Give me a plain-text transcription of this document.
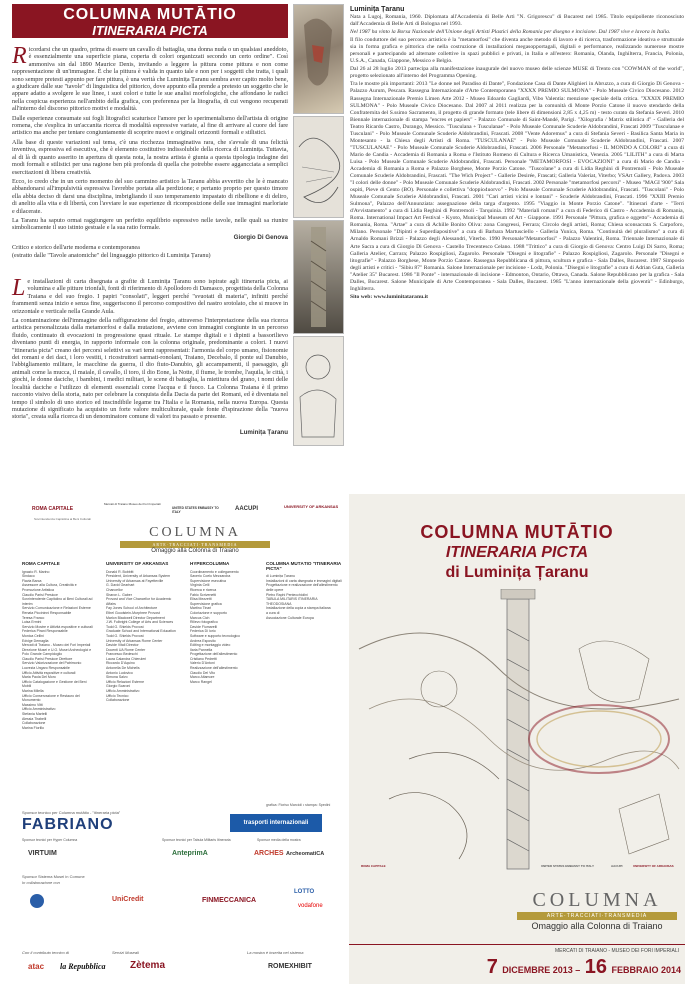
COLUMNA MUTĀTIO
ITINERARIA PICTA
R icordarsi che un quadro, prima di essere un cavallo di battaglia, una donna nuda o un qualsiasi aneddoto, è essenzialmente una superficie piana, coperta di colori organizzati secondo un certo ordine". Così ammoniva sin dal 1890 Maurice Denis, invitando a leggere la pittura come pittura e non come rappresentazione di un'immagine. È che la pittura è valida in quanto tale e non per i soggetti che tratta, i quali sono sempre pretesti appunto per fare pittura, è una verità che Luminița Țaranu sembra aver capito molto bene, a giudicare dalle sue "tavole" di linguistica del pittorico, dove appunto ella prende a pretesto un soggetto che le appare adatto a svolgere le sue linee, i suoi colori e tutte le sue analisi morfologiche, che affondano le radici nella cospicua esperienza nell'ambito della grafica, con preferenza per la litografia, di cui vengono recuperati all'interno del discorso pittorico motivi e modalità.

Dalle esperienze consumate sui fogli litografici scaturisce l'amore per lo sperimentalismo dell'artista di origine romena, che s'esplica in un'accanita ricerca di modalità espressive variate, al fine di arrivare al cuore del fare artistico ma anche per tentare congiuntamente di scoprire nuovi e originali orizzonti formali e stilistici.

Alla base di queste variazioni sul tema, c'è una ricchezza immaginativa rara, che s'avvale di una felicità inventiva, espressiva ed esecutiva, che è elemento costitutivo indissolubile della ricerca di Luminița. Tuttavia, al di là di quanto asserito in apertura di questa nota, la nostra artista è giunta a questa tipologia indagine dei modi formali e stilistici per una ragione ben più profonda di quella che potrebbe essere aggancciata a semplici esercitazioni di libera creatività.

Ecco, io credo che in un certo momento del suo cammino artistico la Taranu abbia avvertito che le è mancato abbandonarsi all'impulsività espressiva l'avrebbe portata alla perdizione; e pertanto proprio per questo timore ella abbia deciso di darsi una disciplina, imbrigliando il suo temperamento impastato di ribellione e di deliro, di anelito alla vita e di libertà, con l'avviare le sue esperienze di ricomposizione delle sue immagini marloriate e dilacerate.

La Taranu ha saputo ormai raggiungere un perfetto equilibrio espressivo nelle tavole, nelle quali sa riunire simbolicamente il suo istinto gestuale e la sua ratio formale.

Giorgio Di Genova

Critico e storico dell'arte moderna e contemporanea
(estratto dalle "Tavole anatomiche" del linguaggio pittorico di Luminița Țaranu)

L e installazioni di carta disegnata a grafite di Luminița Țaranu sono ispirate agli itineraria picta, ai volumina e alle pitture trionfali, fonti di riferimento di Apollodoro di Damasco, progettista della Colonna Traiana e del suo fregio. I papiri "consolati", leggeri perché "svuotati di materia", infiniti perché frammenti senza inizio e senza fine, suggeriscono il percorso compositivo del nastro srotolato, che si muove in orizzontale e verticale nella Grande Aula.

La contaminazione dell'immagine della raffigurazione del fregio, attraverso l'interpretazione della sua ricerca artistica personalizzata dalla metamorfosi e dalla mutazione, avviene con immagini congiunte in un percorso fluido, continuato di evocazioni in progressione quasi rituale. Le stampe digitali e i dipinti a bassorilievo diventano punti di energia, in rapporto informale con la colonna originale, predominante a colori. I nuovi "itineraria picta" creano dei percorsi selettivi su vari temi rappresentati: l'armonia del corpo umano, fisionomie dei romani e dei daci, i loro vestiti, i ricostruttori sarmati-ronolani, Traiano, Decebalo, il ponte sul Danubio, l'abbigliamento militare, le macchine da guerra, il dio fiuto-Danubio, gli accampamenti, il paesaggio, gli animali come la mucca, il maiale, il cavallo, il toro, il dio Eone, la Notte, il fiume, le trombe, l'aquila, le città, i giochi, le donne daciche, i bambini, i medici militari, le scene di battaglia, la mietitura del grano, i nomi delle località daciche e l'utilizzo di elementi essenziali come l'acqua e il fuoco. La Colonna Traiana è il primo racconto visivo della storia, nato per celebrare la conquista della Dacia da parte dei Romani, ed è diventata nel tempo il simbolo di uno storico ed inscindibile legame tra l'Italia e la Romania, nella nuova Europa. Questa mutazione di significato ha acquisito un forte valore multiculturale, quale fonte d'ispirazione della "nuova storia", creata sulla ricerca di un denominatore comune di valori tra passato e presente.

Luminița Țaranu
Luminița Țaranu

Nata a Lugoj, Romania, 1960. Diplomata all'Accademia di Belle Arti "N. Grigorescu" di Bucarest nel 1985. Titolo equipollente riconosciuto dall'Accademia di Belle Arti di Bologna nel 1993.

Nel 1987 ha vinto la Borsa Nazionale dell'Unione degli Artisti Plastici della Romania per disegno e incisione. Dal 1987 vive e lavora in Italia.

Il filo conduttore del suo percorso artistico è la "metamorfosi" che diventa anche metodo di lavoro e di ricerca, trasformazione ideativa e strutturale sia in forma grafica e pittorica che nella costruzione di installazioni megasopportagali, digitali e performance, realizzando numerose mostre personali e partecipando ad alternate collettive in spazi pubblici e privati, in Italia e all'estero: Romania, Olanda, Inghilterra, Francia, Polonia, U.S.A., Canada, Giappone, Messico e Belgio.

Dal 26 al 28 luglio 2013 partecipa alla manifestazione inaugurale del nuovo museo delle scienze MUSE di Trento con "COWMAN of the world", progetto selezionato all'interno del Programma Opening.

Tra le mostre più importanti: 2013 "Le donne nel Paradiso di Dante", Fondazione Casa di Dante Alighieri in Abruzzo, a cura di Giorgio Di Genova - Palazzo Aurum, Pescara. Rassegna Internazionale d'Arte Contemporanea "XXXX PREMIO SULMONA" - Polo Museale Civico Diocesano. 2012 Rassegna Internazionale Premio Limen Arte 2012 - Museo Edoardo Gagliardi, Vibo Valentia: menzione speciale della critica. "XXXIX PREMIO SULMONA" - Polo Museale Civico Diocesano. Dal 2007 al 2011 realizza per la comunità di Monte Porzio Catone il nuovo stendardo della Confraternita del S.ssimo Sacramento, il progetto di grande formato (tele libere di dimensioni 2,85 x 4,25 m) - testo curato da Stefania Severi. 2010 Biennale internazionale di stampa "encres et papiers" - Palazzo Comunale di Saint-Mandé, Parigi. "Xilografia / Matrix stilistica 4" - Galleria del Teatro Ricardo Castro, Durango, Messico. "Tusculana + Tusculanae" - Polo Museale Comunale Scuderie Aldobrandini, Frascati 2009 "Tusculanae e Tusculani" - Polo Museale Comunale Scuderie Aldobrandini, Frascati. 2008 "Vente Adoremus" a cura di Stefania Severi - Basilica Santa Maria in Montesanto - la Chiesa degli Artisti di Roma. "TUSCULANAE" - Polo Museale Comunale Scuderie Aldobrandini, Frascati. 2007 "TUSCULANAE" - Polo Museale Comunale Scuderie Aldobrandini, Frascati. 2006 Personale "Metamorfosi - IL MONDO A COLORI" a cura di Mario de Candia - Accademia di Romania a Roma e l'Istituto Romeno di Cultura e Ricerca Umanistica, Venezia. 2005 "LILITH" a cura di Marta Luisa - Polo Museale Comunale Scuderie Aldobrandini, Frascati. Personale "METAMORFOSI - EVOCAZIONI" a cura di Mario de Candia - Accademia di Romania a Roma e Palazzo Borghese, Monte Porzio Catone. "Tuscolane" a cura di Lidia Reghini di Pontremoli - Polo Museale Comunale Scuderie Aldobrandini, Frascati. "The Wich Project" - Gallerie Desirée, Frascati; Galleria Valeriat, Viterbo; VSArt Gallery, Padova. 2003 "I colori delle donne" - Polo Museale Comunale Scuderie Aldobrandini, Frascati. 2002 Personale "metamorfosi percorsi" - Museo "MAGI '900" Sala ospiti, Pieve di Cento (BO). Personale e collettiva "doppio4uorvo" - Polo Museale Comunale Scuderie Aldobrandini, Frascati. "Tuscolani" - Polo Museale Comunale Scuderie Aldobrandini, Frascati. 2001 "Cari artisti vicini e lontani" - Scuderie Aldobrandini, Frascati. 1996 "XXIII Premio Sulmona", Palazzo dell'Annunziata: assegnazione della targa d'argento. 1995 "Viaggio in Monte Porzio Catone". "Itinerari d'arte - "Terri d'Avvistamento" a cura di Lidia Reghini di Pontremoli - Tarquinia. 1992 "Materiali romani" a cura di Federico di Castro - Accademia di Romania, Roma. International Impact Art Festival - Kyoto, Municipal Museum of Art - Giappone. 1991 Personale "Pittura, grafica e oggetto"- Accademia di Romania, Roma. "Artae" a cura di Achille Bonito Oliva: zona Congressi, Ferrara; Circolo degli artisti, Roma; Chiesa sconsacrata S. Carpoforo, Milano. Personale "Dipinti e Superdiapositive" a cura di Barbara Martusciello - Galleria Yunica, Roma. "Continuità del pluralismo" a cura di Arnaldo Romani Brizzi - Palazzo degli Alessandri, Viterbo. 1990 Personale"Metamorfosi" - Palazzo Valentini, Roma. Triennale Internazionale di Arte Sacra a cura di Giorgio Di Genova - Castello Trecentesco Celano. 1988 "Trittico" a cura di Giorgio di Genova: Centro Luigi Di Sarro, Roma; Galleria Atelier, Carrara; Palazzo Rospigliosi, Zagarolo. Personale "Disegni e litografie" - Palazzo Rospigliosi, Zagarolo. Personale "Disegni e litografie" - Palazzo Borghese, Monte Porzio Catone. Rassegna Repubblicana di pittura, scultura e grafica - Sala Dalles, Bucarest. 1987 Simposio degli artisti e critici - "Sibiu 87" Romania. Salone Internazionale per incisione - Lodz, Polonia. "Disegni e litografie" a cura di Adrian Guta, Galleria "Atelier 35" Bucarest. 1986 "Il Ponte" - internazionale di incisione - Edmonton, Ontario, Ottawa, Canada. Salone Repubblicano per la grafica - Sala Dalles, Bucarest. Salone Municipale di Arte Contemporanea - Sala Dalles, Bucarest. 1985 "L'anno internazionale della gioventù" - Edinburgo, Inghilterra.

Sito web: www.luminitataranu.it

ROMA CAPITALE
Mercati di Traiano Museo dei Fori Imperiali
UNITED STATES EMBASSY TO ITALY	AACUPI	UNIVERSITY OF ARKANSAS
Sovrintendenza Capitolina ai Beni Culturali
COLUMNA
ARTE·TRACCIATI·TRANSMEDIA
Omaggio alla Colonna di Traiano
ROMA CAPITALE
Ignazio R. Marino
Sindaco
Flavia Barca
Assessore alla Cultura, Creatività e Promozione Artistica
Claudio Parisi Presicce
Sovrintendente Capitolino ai Beni Culturali ad interim
Servizio Comunicazione e Relazioni Esterne
Renata Piccininni Responsabile
Teresa Franco
Luisa Ermini
Servizio Mostre e Attività espositive e culturali
Federica Pirani Responsabile
Monica Cellini
Edvige Demaglia
Mercati di Traiano - Museo dei Fori Imperiali
Direzione Musei e U.O. Musei Archeologici e Polo Grande Campidoglio
Claudio Parisi Presicce Direttore
Servizio Valorizzazione del Patrimonio
Lucrezia Ungaro Responsabile
Ufficio Attività espositive e culturali
Maria Paola Del Moro
Ufficio Catalogazione e Gestione dei Beni Mobili
Marina Milella
Ufficio Conservazione e Restauro del Monumento
Massimo Vitti
Ufficio Amministrativo
Stefania Martelli
Alessia Tirabelli
Collaborazione
Marina Fiorillo
UNIVERSITY OF ARKANSAS
Donald R. Bobbitt
President, University of Arkansas System
University of Arkansas at Fayetteville
G. David Gearhart
Chancellor
Sharon L. Gaber
Provost and Vice Chancellor for Academic Affairs
Fay Jones School of Architecture
Ethel Goodstein-Murphree Provost
Marlon Blackwell Director Department
J.W. Fulbright College of Arts and Sciences
Todd G. Shields Provost
Graduate School and International Education
Todd G. Shields Provost
University of Arkansas Rome Center
Davide Vitali Director
Docenti UA Rome Center
Francesco Bedeschi
Laura Calandra Chieruleri
Riccardo D'Aquino
Antonella De Michelis
Antonio Ludovico
Simona Salvo
Ufficio Relazioni Esterne
Giorgio Scaroni
Ufficio Amministrativo
Ufficio Tecnico
Collaborazione
HYPERCOLUMNA
Coordinamento e collegamento
Saverio Coelo Mezzaroba
Supervisione esecutiva
Virginia Celli
Ricerca e ricerca
Fabio Scrivenetti
Elisa Mezzetti
Supervisione grafica
Martino Tinari
Coloriazione e supporto
Marcus Cich
Rilievo fotografico
Davide Fiumarelli
Federica Di Iorio
Software e supporto tecnologico
Andrea Esposito
Editing e montaggio video
Ilaria Pannella
Progettazione dell'allestimento
Cristiano Pedretti
Valerio D'Antoni
Realizzazione dell'allestimento
Claudio Del Vito
Marco Altamore
Marco Rangel
COLUMNA MUTĀTIO "ITINERARIA PICTA"
di Luminița Țaranu
Installazioni di carta disegnata e immagini digitali
Progettazione e realizzazione dell'allestimento delle opere
Pietro Raphi Pentecchiolini
TABULA MILITARIS ITINERARIA THEODOSIANA
Installazione della copia a stampa italiana
a cura di
Associazione Culturale Europa
grafica: Fioriso Marcioli • stampa: Spedini
Sponsor tecnico per Columna mutātio - "itineraria picta"
FABRIANO	trasporti internazionali
Sponsor tecnici per Hyper Columna	Sponsor tecnici per Tabula Militaris Itineraria	Sponsor media della mostra
VIRTUIM	AnteprimA	ARCHES ArcheomatiCA
Sponsor Sistema Musei in Comune
In collaborazione con
UniCredit	FINMECCANICA
LOTTO
vodafone
Con il contributo tecnico di	Servizi Museali	La mostra è inserita nel sistema
atac la Repubblica Zètema	ROMEXHIBIT
COLUMNA MUTĀTIO
ITINERARIA PICTA
di Luminița Țaranu
ROMA CAPITALE	UNITED STATES EMBASSY TO ITALY	AACUPI	UNIVERSITY OF ARKANSAS
COLUMNA
ARTE·TRACCIATI·TRANSMEDIA
Omaggio alla Colonna di Traiano
MERCATI DI TRAIANO - MUSEO DEI FORI IMPERIALI
7 DICEMBRE 2013 – 16 FEBBRAIO 2014
